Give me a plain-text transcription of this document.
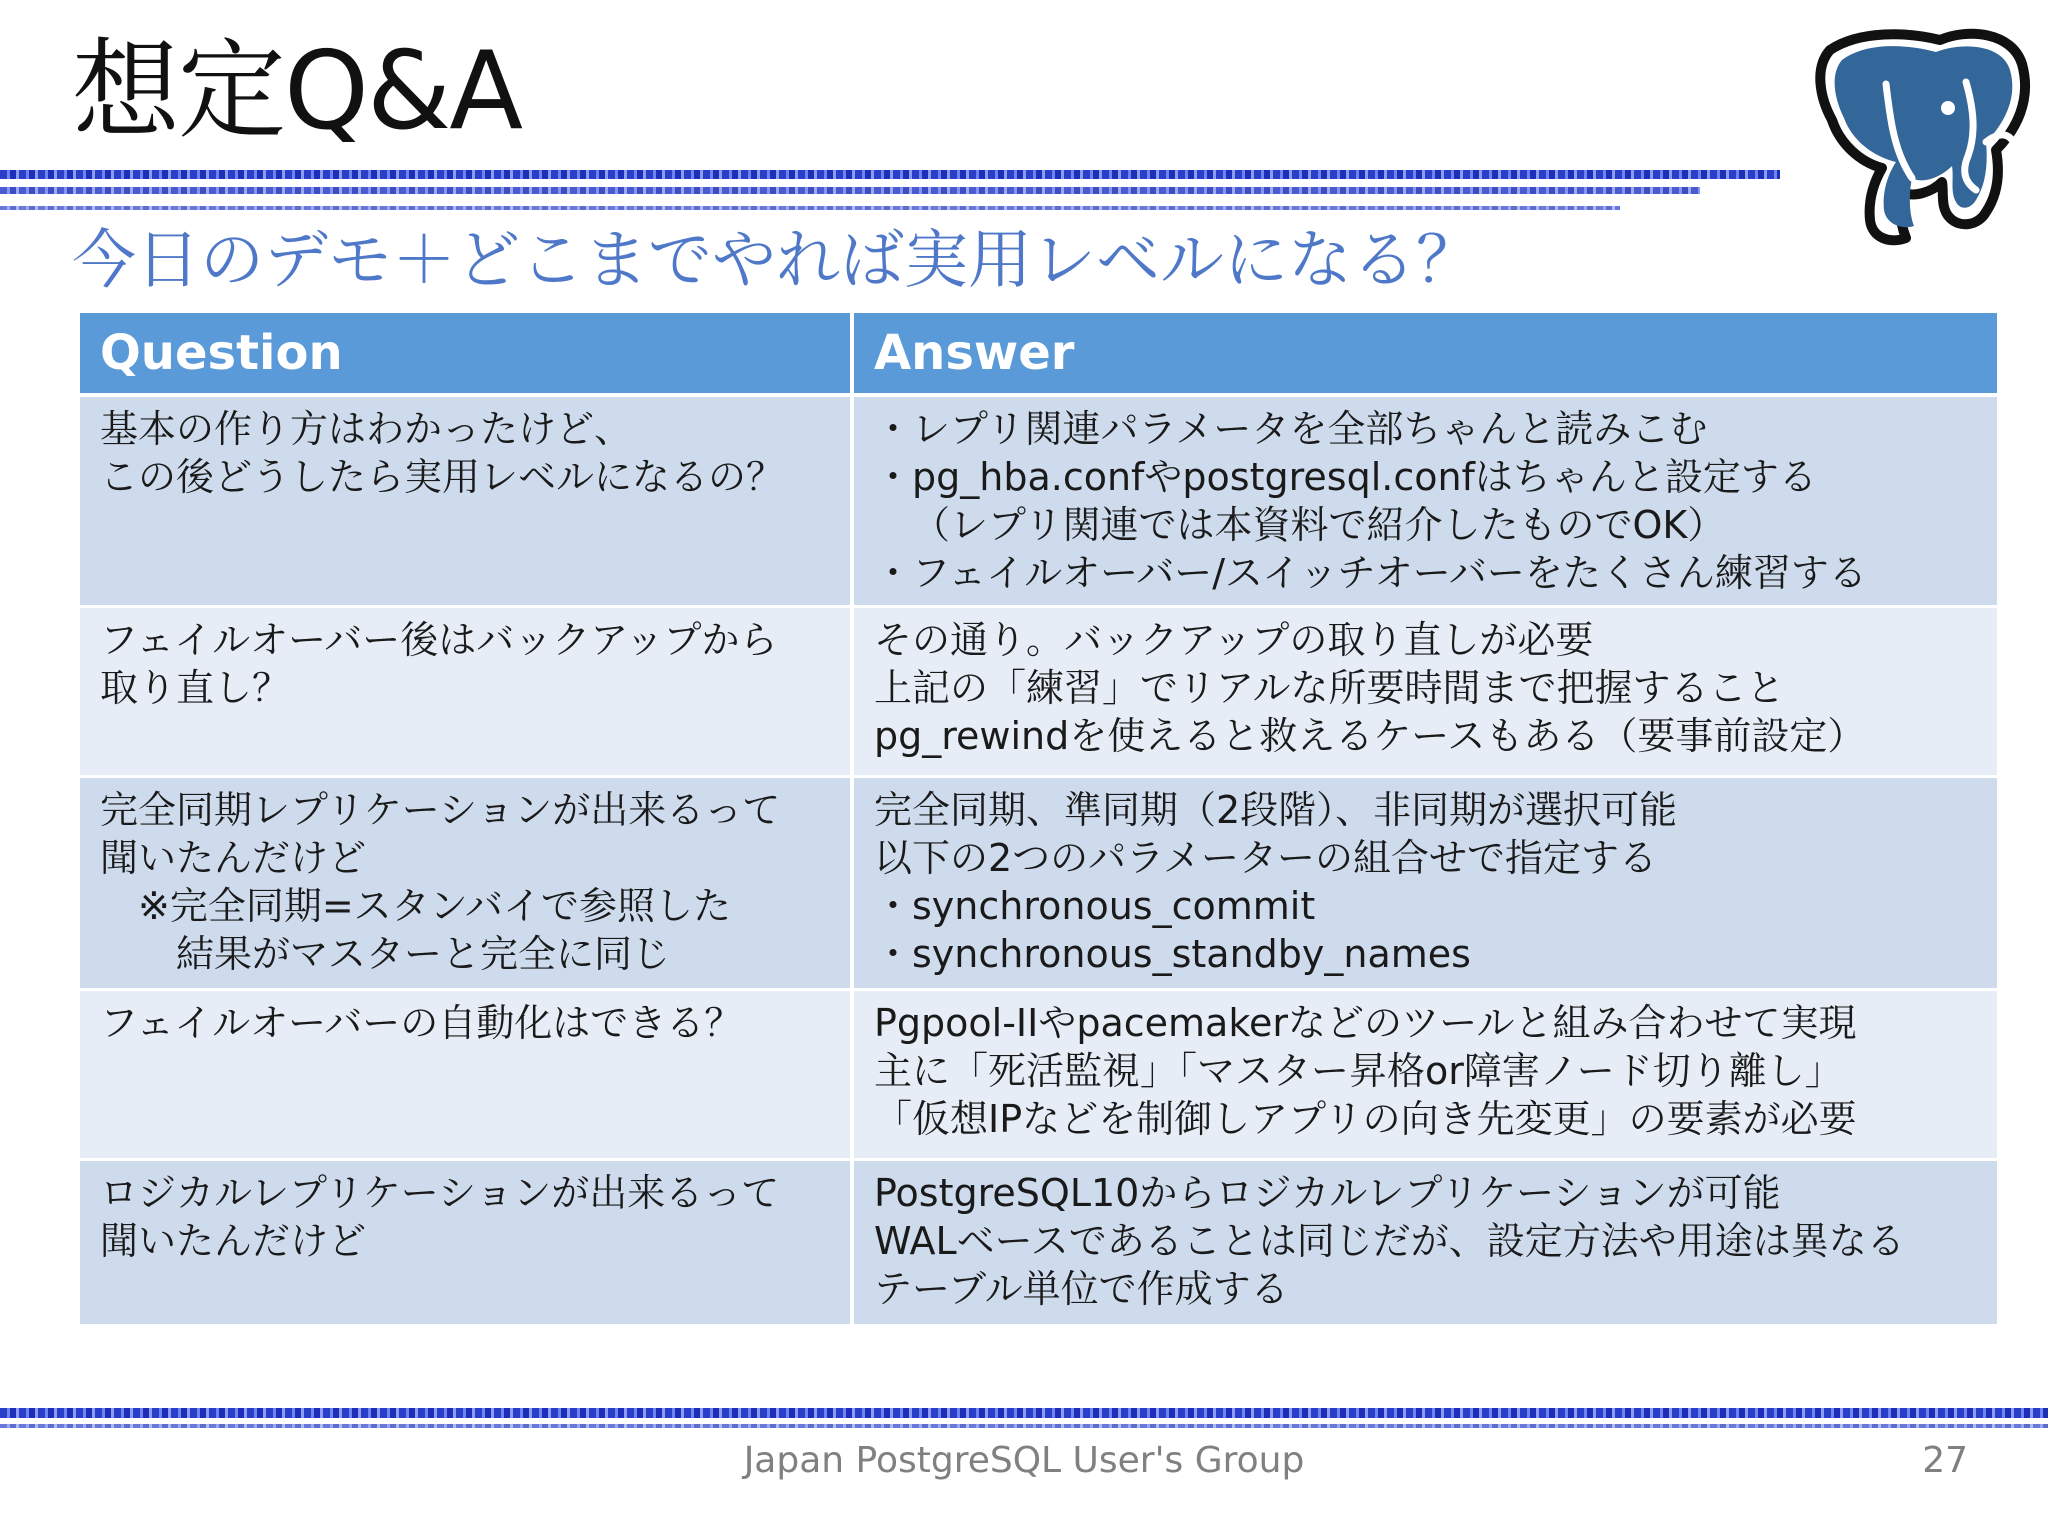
想定Q&A
今日のデモ＋どこまでやれば実用レベルになる？
Question	Answer

基本の作り方はわかったけど、
この後どうしたら実用レベルになるの？	・レプリ関連パラメータを全部ちゃんと読みこむ
・pg_hba.confやpostgresql.confはちゃんと設定する
（レプリ関連では本資料で紹介したものでOK）
・フェイルオーバー/スイッチオーバーをたくさん練習する

フェイルオーバー後はバックアップから
取り直し？	その通り。バックアップの取り直しが必要
上記の「練習」でリアルな所要時間まで把握すること
pg_rewindを使えると救えるケースもある（要事前設定）

完全同期レプリケーションが出来るって
聞いたんだけど
※完全同期=スタンバイで参照した
結果がマスターと完全に同じ	完全同期、準同期（2段階）、非同期が選択可能
以下の2つのパラメーターの組合せで指定する
・synchronous_commit
・synchronous_standby_names

フェイルオーバーの自動化はできる？	Pgpool-IIやpacemakerなどのツールと組み合わせて実現
主に「死活監視」「マスター昇格or障害ノード切り離し」
「仮想IPなどを制御しアプリの向き先変更」の要素が必要

ロジカルレプリケーションが出来るって
聞いたんだけど	PostgreSQL10からロジカルレプリケーションが可能
WALベースであることは同じだが、設定方法や用途は異なる
テーブル単位で作成する
Japan PostgreSQL User's Group	27
